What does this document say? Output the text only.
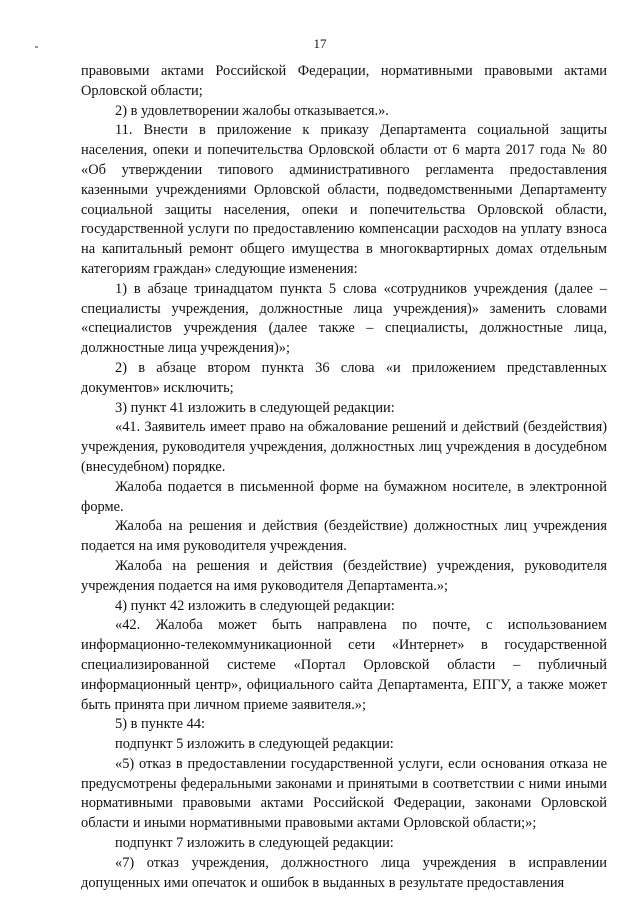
17

правовыми актами Российской Федерации, нормативными правовыми актами Орловской области;

2) в удовлетворении жалобы отказывается.».

11. Внести в приложение к приказу Департамента социальной защиты населения, опеки и попечительства Орловской области от 6 марта 2017 года № 80 «Об утверждении типового административного регламента предоставления казенными учреждениями Орловской области, подведомственными Департаменту социальной защиты населения, опеки и попечительства Орловской области, государственной услуги по предоставлению компенсации расходов на уплату взноса на капитальный ремонт общего имущества в многоквартирных домах отдельным категориям граждан» следующие изменения:

1) в абзаце тринадцатом пункта 5 слова «сотрудников учреждения (далее – специалисты учреждения, должностные лица учреждения)» заменить словами «специалистов учреждения (далее также – специалисты, должностные лица, должностные лица учреждения)»;

2) в абзаце втором пункта 36 слова «и приложением представленных документов» исключить;

3) пункт 41 изложить в следующей редакции:

«41. Заявитель имеет право на обжалование решений и действий (бездействия) учреждения, руководителя учреждения, должностных лиц учреждения в досудебном (внесудебном) порядке.

Жалоба подается в письменной форме на бумажном носителе, в электронной форме.

Жалоба на решения и действия (бездействие) должностных лиц учреждения подается на имя руководителя учреждения.

Жалоба на решения и действия (бездействие) учреждения, руководителя учреждения подается на имя руководителя Департамента.»;

4) пункт 42 изложить в следующей редакции:

«42. Жалоба может быть направлена по почте, с использованием информационно-телекоммуникационной сети «Интернет» в государственной специализированной системе «Портал Орловской области – публичный информационный центр», официального сайта Департамента, ЕПГУ, а также может быть принята при личном приеме заявителя.»;

5) в пункте 44:

подпункт 5 изложить в следующей редакции:

«5) отказ в предоставлении государственной услуги, если основания отказа не предусмотрены федеральными законами и принятыми в соответствии с ними иными нормативными правовыми актами Российской Федерации, законами Орловской области и иными нормативными правовыми актами Орловской области;»;

подпункт 7 изложить в следующей редакции:

«7) отказ учреждения, должностного лица учреждения в исправлении допущенных ими опечаток и ошибок в выданных в результате предоставления
